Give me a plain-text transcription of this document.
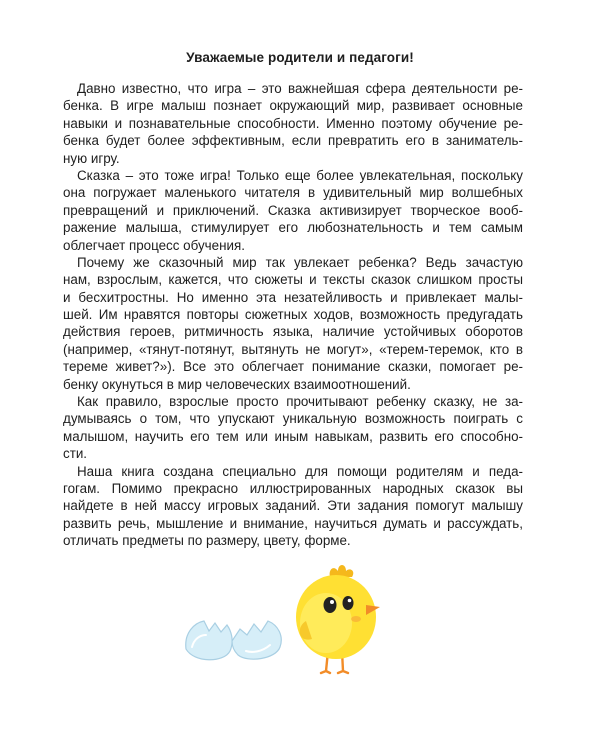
Уважаемые родители и педагоги!
Давно известно, что игра – это важнейшая сфера деятельности ре-
бенка. В игре малыш познает окружающий мир, развивает основные
навыки и познавательные способности. Именно поэтому обучение ре-
бенка будет более эффективным, если превратить его в заниматель-
ную игру.
Сказка – это тоже игра! Только еще более увлекательная, поскольку
она погружает маленького читателя в удивительный мир волшебных
превращений и приключений. Сказка активизирует творческое вооб-
ражение малыша, стимулирует его любознательность и тем самым
облегчает процесс обучения.
Почему же сказочный мир так увлекает ребенка? Ведь зачастую
нам, взрослым, кажется, что сюжеты и тексты сказок слишком просты
и бесхитростны. Но именно эта незатейливость и привлекает малы-
шей. Им нравятся повторы сюжетных ходов, возможность предугадать
действия героев, ритмичность языка, наличие устойчивых оборотов
(например, «тянут-потянут, вытянуть не могут», «терем-теремок, кто в
тереме живет?»). Все это облегчает понимание сказки, помогает ре-
бенку окунуться в мир человеческих взаимоотношений.
Как правило, взрослые просто прочитывают ребенку сказку, не за-
думываясь о том, что упускают уникальную возможность поиграть с
малышом, научить его тем или иным навыкам, развить его способно-
сти.
Наша книга создана специально для помощи родителям и педа-
гогам. Помимо прекрасно иллюстрированных народных сказок вы
найдете в ней массу игровых заданий. Эти задания помогут малышу
развить речь, мышление и внимание, научиться думать и рассуждать,
отличать предметы по размеру, цвету, форме.
